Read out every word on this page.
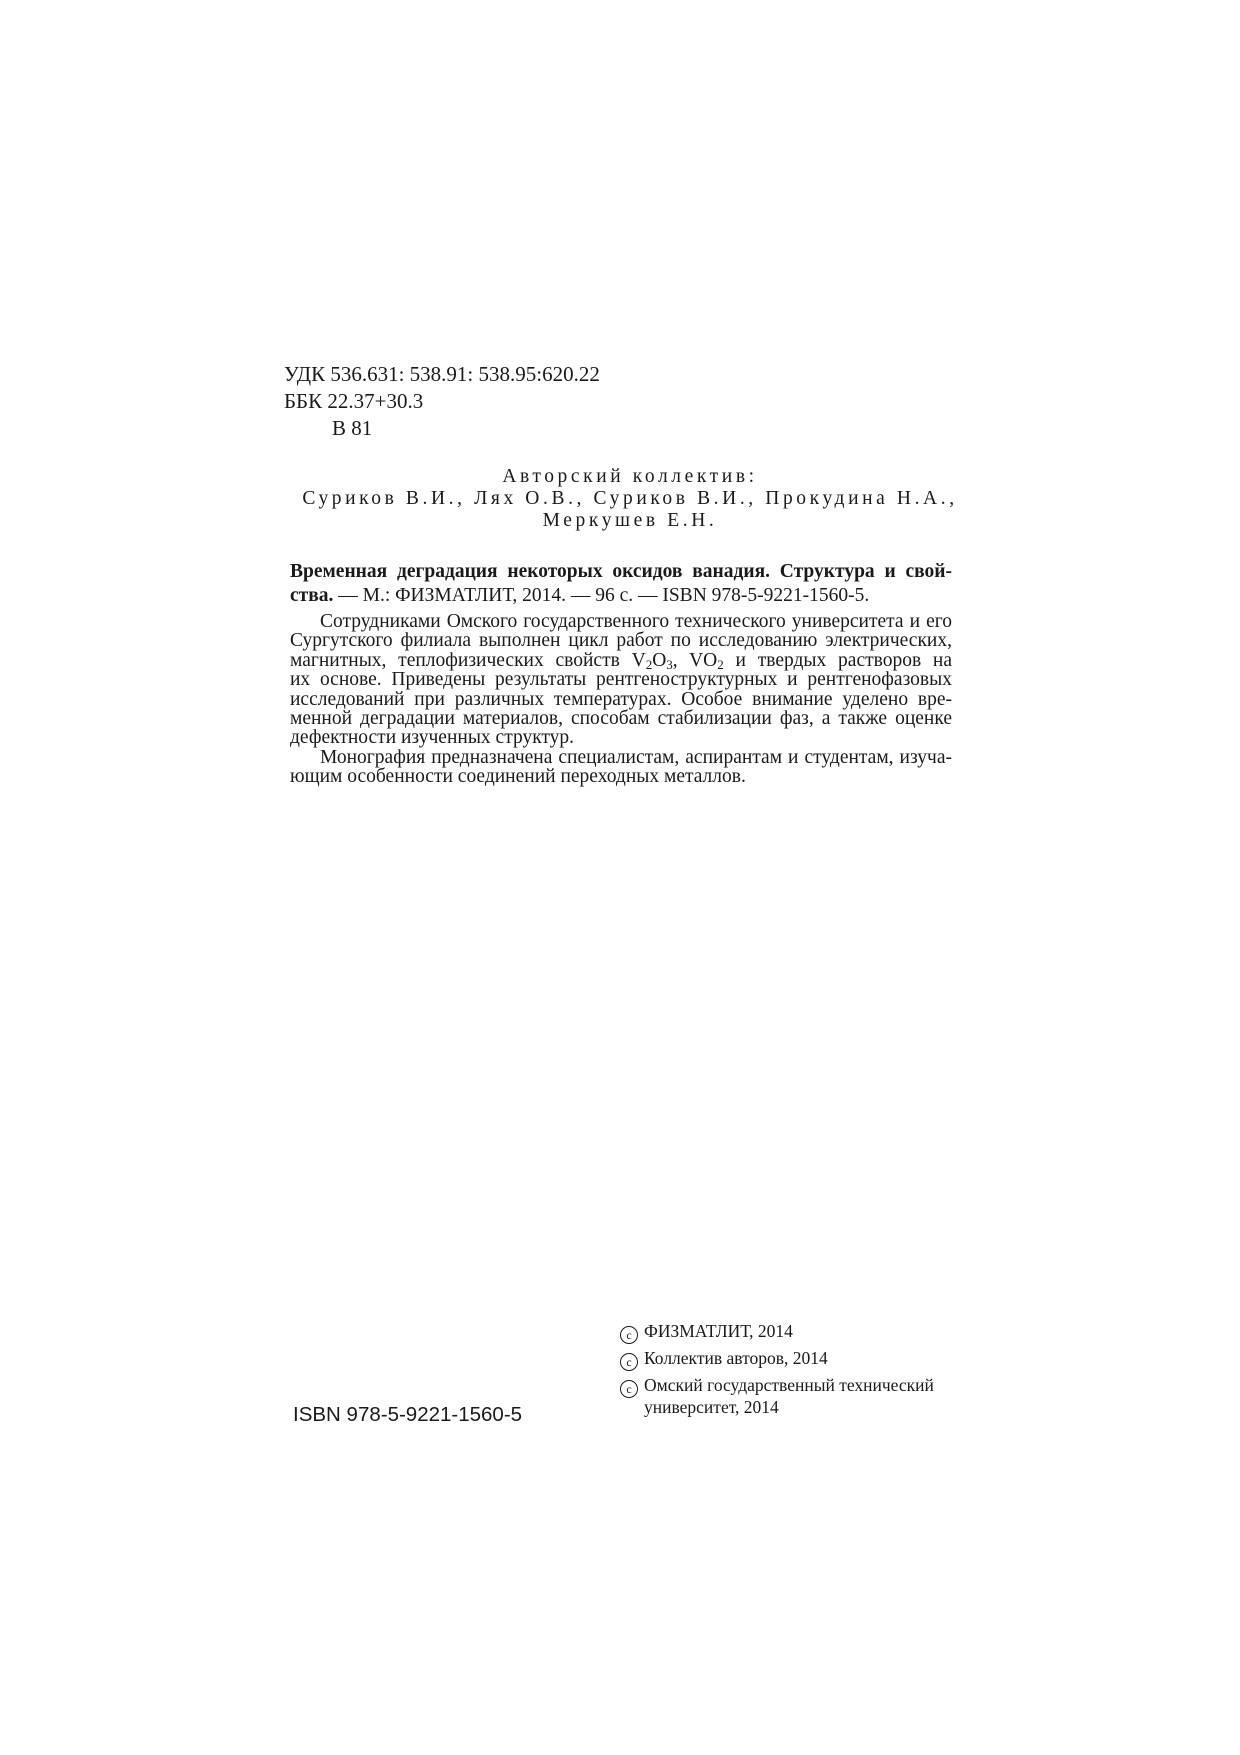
УДК 536.631: 538.91: 538.95:620.22
ББК 22.37+30.3
В 81
Авторский коллектив:
Суриков В.И., Лях О.В., Суриков В.И., Прокудина Н.А.,
Меркушев Е.Н.
Временная деградация некоторых оксидов ванадия. Структура и свой-
ства. — М.: ФИЗМАТЛИТ, 2014. — 96 с. — ISBN 978-5-9221-1560-5.
Сотрудниками Омского государственного технического университета и его
Сургутского филиала выполнен цикл работ по исследованию электрических,
магнитных, теплофизических свойств $V_2O_3$, $VO_2$ и твердых растворов на
их основе. Приведены результаты рентгеноструктурных и рентгенофазовых
исследований при различных температурах. Особое внимание уделено вре-
менной деградации материалов, способам стабилизации фаз, а также оценке
дефектности изученных структур.
Монография предназначена специалистам, аспирантам и студентам, изуча-
ющим особенности соединений переходных металлов.
c ФИЗМАТЛИТ, 2014
c Коллектив авторов, 2014
c Омский государственный технический
университет, 2014
ISBN 978-5-9221-1560-5
